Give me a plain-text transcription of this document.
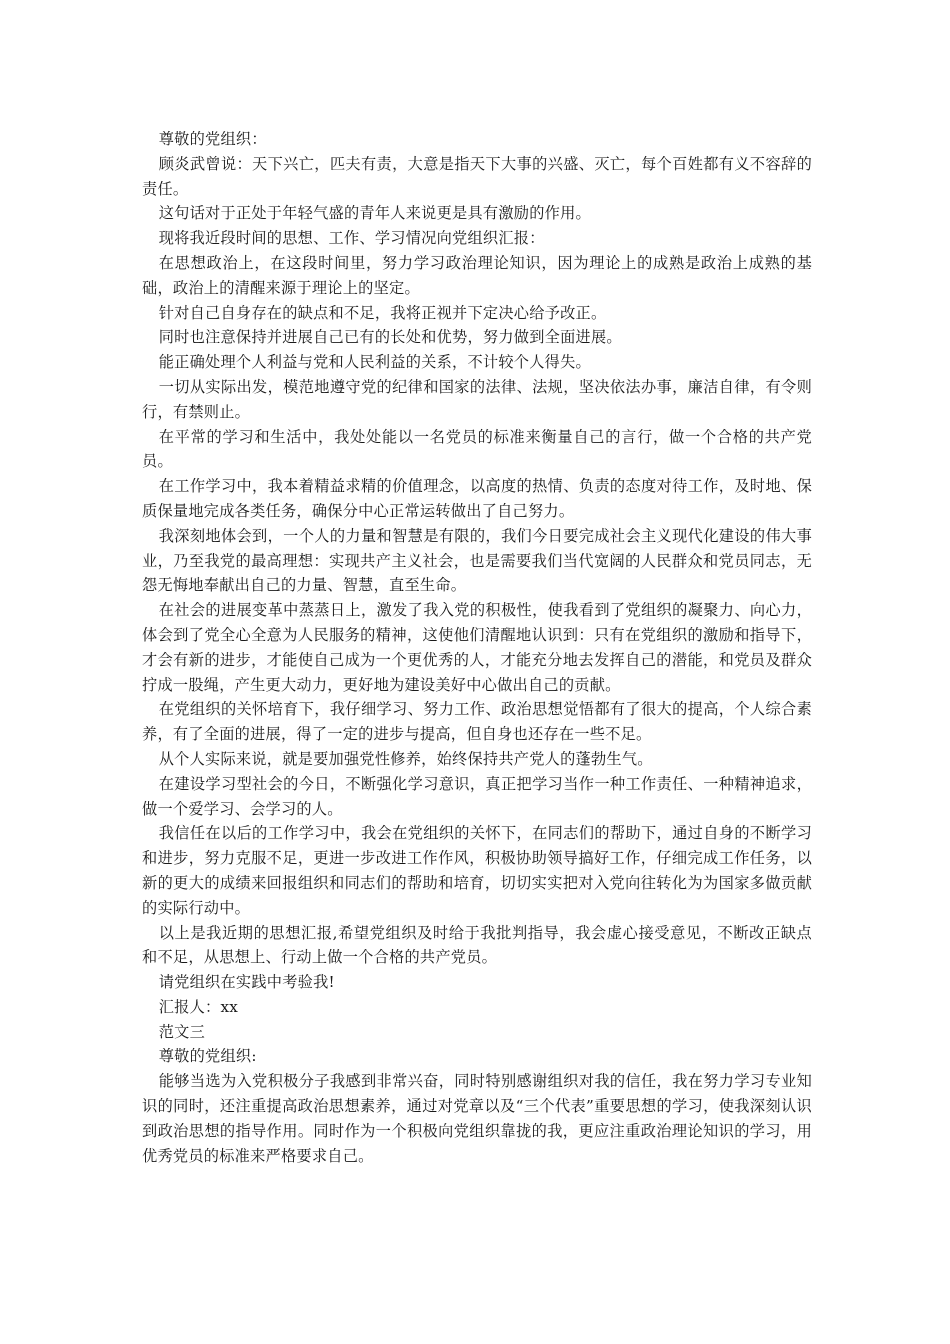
尊敬的党组织：

顾炎武曾说：天下兴亡，匹夫有责，大意是指天下大事的兴盛、灭亡，每个百姓都有义不容辞的责任。

这句话对于正处于年轻气盛的青年人来说更是具有激励的作用。

现将我近段时间的思想、工作、学习情况向党组织汇报：

在思想政治上，在这段时间里，努力学习政治理论知识，因为理论上的成熟是政治上成熟的基础，政治上的清醒来源于理论上的坚定。

针对自己自身存在的缺点和不足，我将正视并下定决心给予改正。

同时也注意保持并进展自己已有的长处和优势，努力做到全面进展。

能正确处理个人利益与党和人民利益的关系，不计较个人得失。

一切从实际出发，模范地遵守党的纪律和国家的法律、法规，坚决依法办事，廉洁自律，有令则行，有禁则止。

在平常的学习和生活中，我处处能以一名党员的标准来衡量自己的言行，做一个合格的共产党员。

在工作学习中，我本着精益求精的价值理念，以高度的热情、负责的态度对待工作，及时地、保质保量地完成各类任务，确保分中心正常运转做出了自己努力。

我深刻地体会到，一个人的力量和智慧是有限的，我们今日要完成社会主义现代化建设的伟大事业，乃至我党的最高理想：实现共产主义社会，也是需要我们当代宽阔的人民群众和党员同志，无怨无悔地奉献出自己的力量、智慧，直至生命。

在社会的进展变革中蒸蒸日上，激发了我入党的积极性，使我看到了党组织的凝聚力、向心力，体会到了党全心全意为人民服务的精神，这使他们清醒地认识到：只有在党组织的激励和指导下，才会有新的进步，才能使自己成为一个更优秀的人，才能充分地去发挥自己的潜能，和党员及群众拧成一股绳，产生更大动力，更好地为建设美好中心做出自己的贡献。

在党组织的关怀培育下，我仔细学习、努力工作、政治思想觉悟都有了很大的提高，个人综合素养，有了全面的进展，得了一定的进步与提高，但自身也还存在一些不足。

从个人实际来说，就是要加强党性修养，始终保持共产党人的蓬勃生气。

在建设学习型社会的今日，不断强化学习意识，真正把学习当作一种工作责任、一种精神追求，做一个爱学习、会学习的人。

我信任在以后的工作学习中，我会在党组织的关怀下，在同志们的帮助下，通过自身的不断学习和进步，努力克服不足，更进一步改进工作作风，积极协助领导搞好工作，仔细完成工作任务，以新的更大的成绩来回报组织和同志们的帮助和培育，切切实实把对入党向往转化为为国家多做贡献的实际行动中。

以上是我近期的思想汇报,希望党组织及时给于我批判指导，我会虚心接受意见，不断改正缺点和不足，从思想上、行动上做一个合格的共产党员。

请党组织在实践中考验我!

汇报人：xx

范文三

尊敬的党组织:

能够当选为入党积极分子我感到非常兴奋，同时特别感谢组织对我的信任，我在努力学习专业知识的同时，还注重提高政治思想素养，通过对党章以及“三个代表”重要思想的学习，使我深刻认识到政治思想的指导作用。同时作为一个积极向党组织靠拢的我，更应注重政治理论知识的学习，用优秀党员的标准来严格要求自己。
